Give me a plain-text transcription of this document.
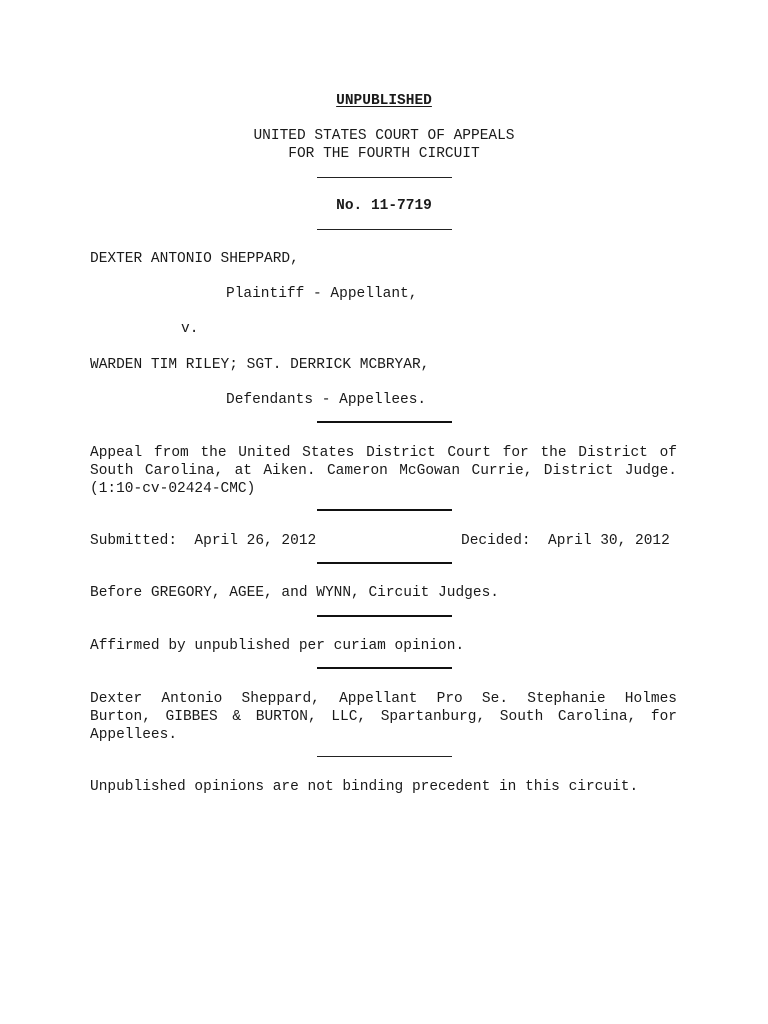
UNPUBLISHED
UNITED STATES COURT OF APPEALS
FOR THE FOURTH CIRCUIT
No. 11-7719
DEXTER ANTONIO SHEPPARD,
Plaintiff - Appellant,
v.
WARDEN TIM RILEY; SGT. DERRICK MCBRYAR,
Defendants - Appellees.
Appeal from the United States District Court for the District of South Carolina, at Aiken. Cameron McGowan Currie, District Judge. (1:10-cv-02424-CMC)
Submitted:  April 26, 2012	Decided:  April 30, 2012
Before GREGORY, AGEE, and WYNN, Circuit Judges.
Affirmed by unpublished per curiam opinion.
Dexter Antonio Sheppard, Appellant Pro Se. Stephanie Holmes Burton, GIBBES & BURTON, LLC, Spartanburg, South Carolina, for Appellees.
Unpublished opinions are not binding precedent in this circuit.
